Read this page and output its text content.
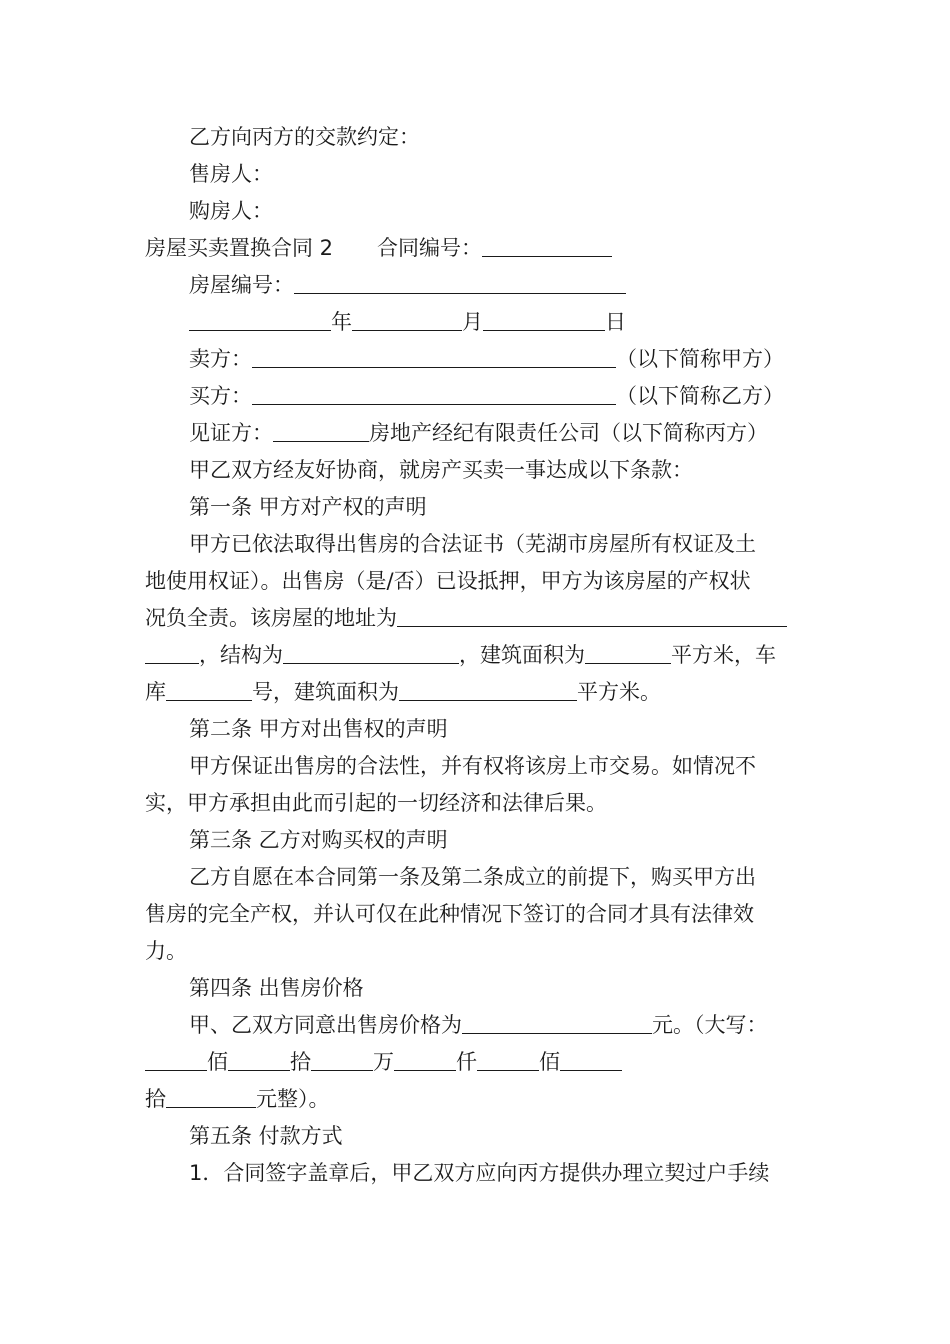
乙方向丙方的交款约定：
售房人：
购房人：
房屋买卖置换合同 2 合同编号：
房屋编号：
年	月	日
卖方：	（以下简称甲方）
买方：	（以下简称乙方）
见证方：	房地产经纪有限责任公司（以下简称丙方）
甲乙双方经友好协商，就房产买卖一事达成以下条款：
第一条 甲方对产权的声明
甲方已依法取得出售房的合法证书（芜湖市房屋所有权证及土
地使用权证）。出售房（是/否）已设抵押，甲方为该房屋的产权状
况负全责。该房屋的地址为
，结构为	，建筑面积为	平方米，车
库	号，建筑面积为	平方米。
第二条 甲方对出售权的声明
甲方保证出售房的合法性，并有权将该房上市交易。如情况不
实，甲方承担由此而引起的一切经济和法律后果。
第三条 乙方对购买权的声明
乙方自愿在本合同第一条及第二条成立的前提下，购买甲方出
售房的完全产权，并认可仅在此种情况下签订的合同才具有法律效
力。
第四条 出售房价格
甲、乙双方同意出售房价格为	元。（大写：
佰	拾	万	仟	佰
拾	元整）。
第五条 付款方式
1．合同签字盖章后，甲乙双方应向丙方提供办理立契过户手续
